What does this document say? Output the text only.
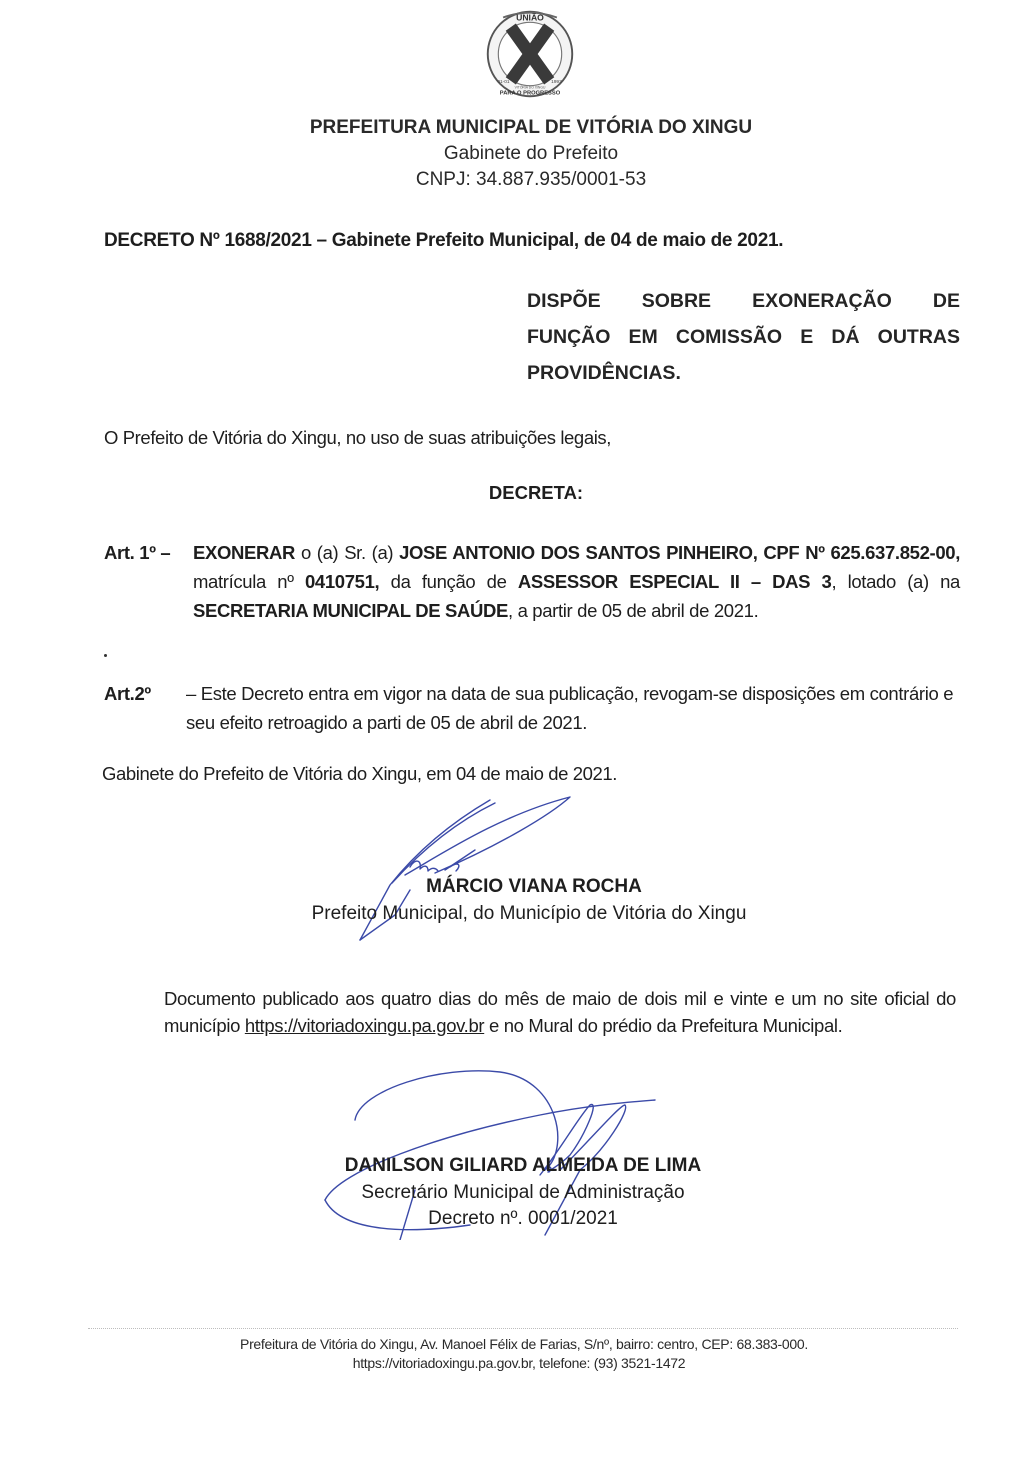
UNIÃO
PARA O PROGRESSO
01-01	1993
VITÓRIA DO XINGU
PREFEITURA MUNICIPAL DE VITÓRIA DO XINGU
Gabinete do Prefeito
CNPJ: 34.887.935/0001-53
DECRETO Nº 1688/2021 – Gabinete Prefeito Municipal, de 04 de maio de 2021.
DISPÕE SOBRE EXONERAÇÃO DE
FUNÇÃO EM COMISSÃO E DÁ OUTRAS PROVIDÊNCIAS.
O Prefeito de Vitória do Xingu, no uso de suas atribuições legais,
DECRETA:
Art. 1º – EXONERAR o (a) Sr. (a) JOSE ANTONIO DOS SANTOS PINHEIRO, CPF Nº 625.637.852-00, matrícula nº 0410751, da função de ASSESSOR ESPECIAL II – DAS 3, lotado (a) na SECRETARIA MUNICIPAL DE SAÚDE, a partir de 05 de abril de 2021.
Art.2º – Este Decreto entra em vigor na data de sua publicação, revogam-se disposições em contrário e seu efeito retroagido a parti de 05 de abril de 2021.
Gabinete do Prefeito de Vitória do Xingu, em 04 de maio de 2021.
MÁRCIO VIANA ROCHA
Prefeito Municipal, do Município de Vitória do Xingu
Documento publicado aos quatro dias do mês de maio de dois mil e vinte e um no site oficial do município https://vitoriadoxingu.pa.gov.br e no Mural do prédio da Prefeitura Municipal.
DANILSON GILIARD ALMEIDA DE LIMA
Secretário Municipal de Administração
Decreto nº. 0001/2021
Prefeitura de Vitória do Xingu, Av. Manoel Félix de Farias, S/nº, bairro: centro, CEP: 68.383-000.
https://vitoriadoxingu.pa.gov.br, telefone: (93) 3521-1472
